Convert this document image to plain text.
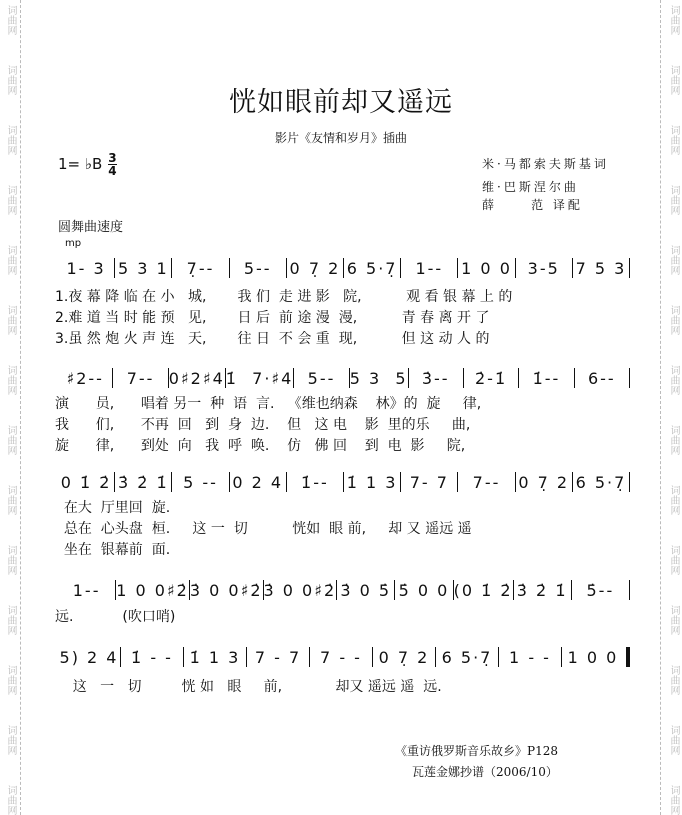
恍如眼前却又遥远
影片《友情和岁月》插曲
1= ♭B $\frac{3}{4}$	米·马都索夫斯基词
维·巴斯涅尔曲
薛     范 译配
圆舞曲速度
mp
1- 3 5 3 1	7̣--	5--	0 7̣ 2 6 5·7̣	1--	1 0 0 3-5 7 5 3
1.夜 幕 降 临 在 小   城,       我 们  走 进 影   院,          观 看 银 幕 上 的
2.难 道 当 时 能 预   见,       日 后  前 途 漫  漫,          青 春 离 开 了
3.虽 然 炮 火 声 连   天,       往 日  不 会 重  现,          但 这 动 人 的
♯2--	7-- 0♯2♯4 1̇  7·♯4 5-- 5 3  5 3̇--	2̇-1̇	1̇--	6--
演      员,      唱着 另一  种  语  言.   《维也纳森    林》的  旋     律,
我      们,      不再  回   到  身  边.    但   这 电    影  里的乐     曲,
旋      律,      到处  向   我  呼  唤.    仿   佛 回    到  电  影     院,
0 1̇ 2̇ 3̇ 2̇ 1̇ 5 -- 0 2 4	1̇--	1̇ 1 3 7- 7	7--	0 7̣ 2 6 5·7̣
在大  厅里回  旋.
总在  心头盘  桓.     这 一  切          恍如  眼 前,     却 又 遥远 遥
坐在  银幕前  面.
1-- 1 0 0♯2̇ 3̇ 0 0♯2̇ 3̇ 0 0♯2̇ 3̇ 0 5̇ 5̇ 0 0 (0 1̇ 2̇ 3̇ 2̇ 1̇	5̇--
远.           (吹口哨)
5) 2 4 1̇ - -	1̇ 1 3 7 - 7	7 - -	0 7̣ 2 6 5·7̣	1 - -	1 0 0
这   一   切         恍 如   眼     前,            却又 遥远 遥  远.
《重访俄罗斯音乐故乡》P128
瓦莲金娜抄谱（2006/10）
词曲网
词曲网
词曲网
词曲网
词曲网
词曲网
词曲网
词曲网
词曲网
词曲网
词曲网
词曲网
词曲网
词曲网
词曲网
词曲网
词曲网
词曲网
词曲网
词曲网
词曲网
词曲网
词曲网
词曲网
词曲网
词曲网
词曲网
词曲网
